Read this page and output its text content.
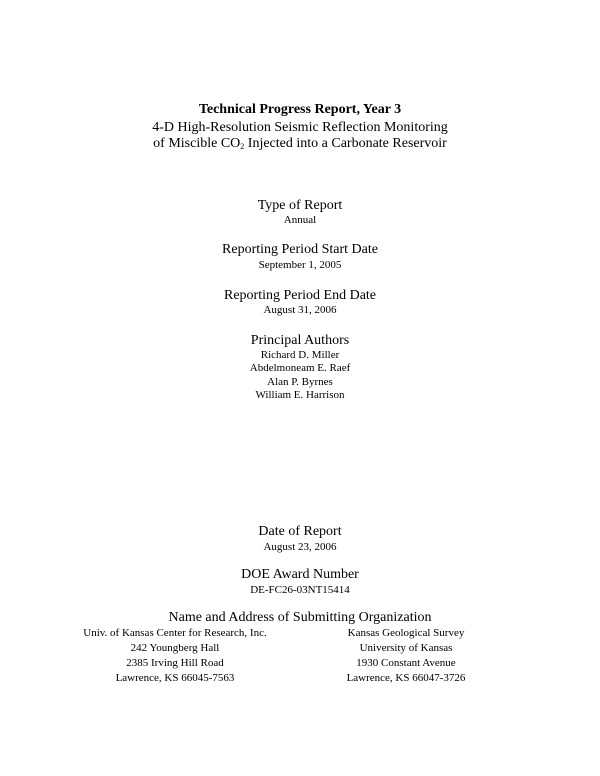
Technical Progress Report, Year 3
4-D High-Resolution Seismic Reflection Monitoring
of Miscible $CO_2$ Injected into a Carbonate Reservoir
Type of Report
Annual
Reporting Period Start Date
September 1, 2005
Reporting Period End Date
August 31, 2006
Principal Authors
Richard D. Miller
Abdelmoneam E. Raef
Alan P. Byrnes
William E. Harrison
Date of Report
August 23, 2006
DOE Award Number
DE-FC26-03NT15414
Name and Address of Submitting Organization
Univ. of Kansas Center for Research, Inc.
242 Youngberg Hall
2385 Irving Hill Road
Lawrence, KS 66045-7563
Kansas Geological Survey
University of Kansas
1930 Constant Avenue
Lawrence, KS 66047-3726
